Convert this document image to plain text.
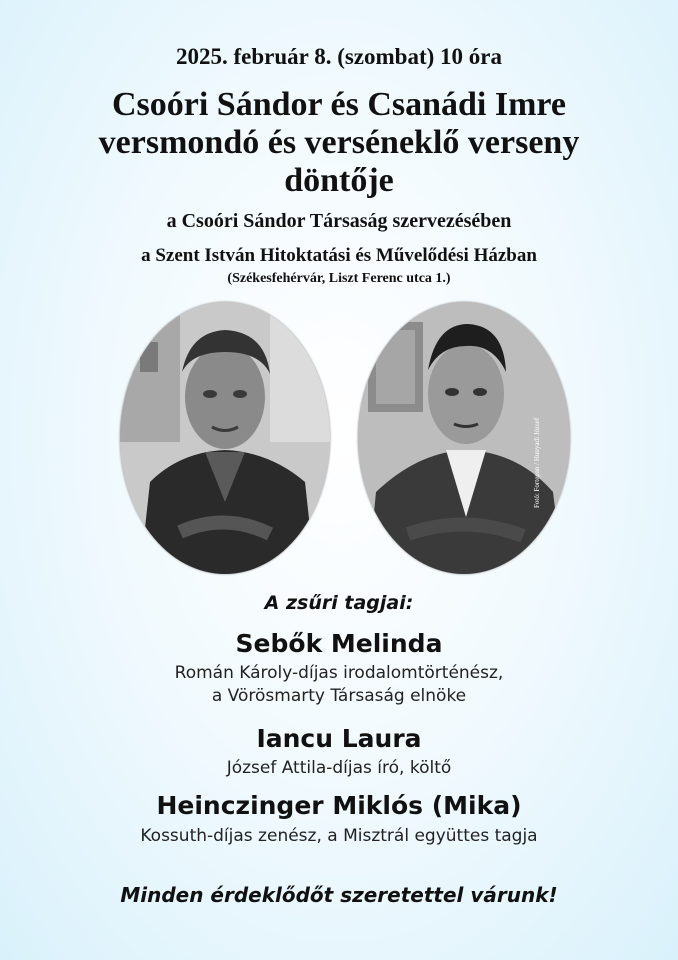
2025. február 8. (szombat) 10 óra
Csoóri Sándor és Csanádi Imre
versmondó és verséneklő verseny
döntője
a Csoóri Sándor Társaság szervezésében
a Szent István Hitoktatási és Művelődési Házban
(Székesfehérvár, Liszt Ferenc utca 1.)
Fotó: Fortepan / Hunyadi József
A zsűri tagjai:
Sebők Melinda
Román Károly-díjas irodalomtörténész,
a Vörösmarty Társaság elnöke
Iancu Laura
József Attila-díjas író, költő
Heinczinger Miklós (Mika)
Kossuth-díjas zenész, a Misztrál együttes tagja
Minden érdeklődőt szeretettel várunk!
